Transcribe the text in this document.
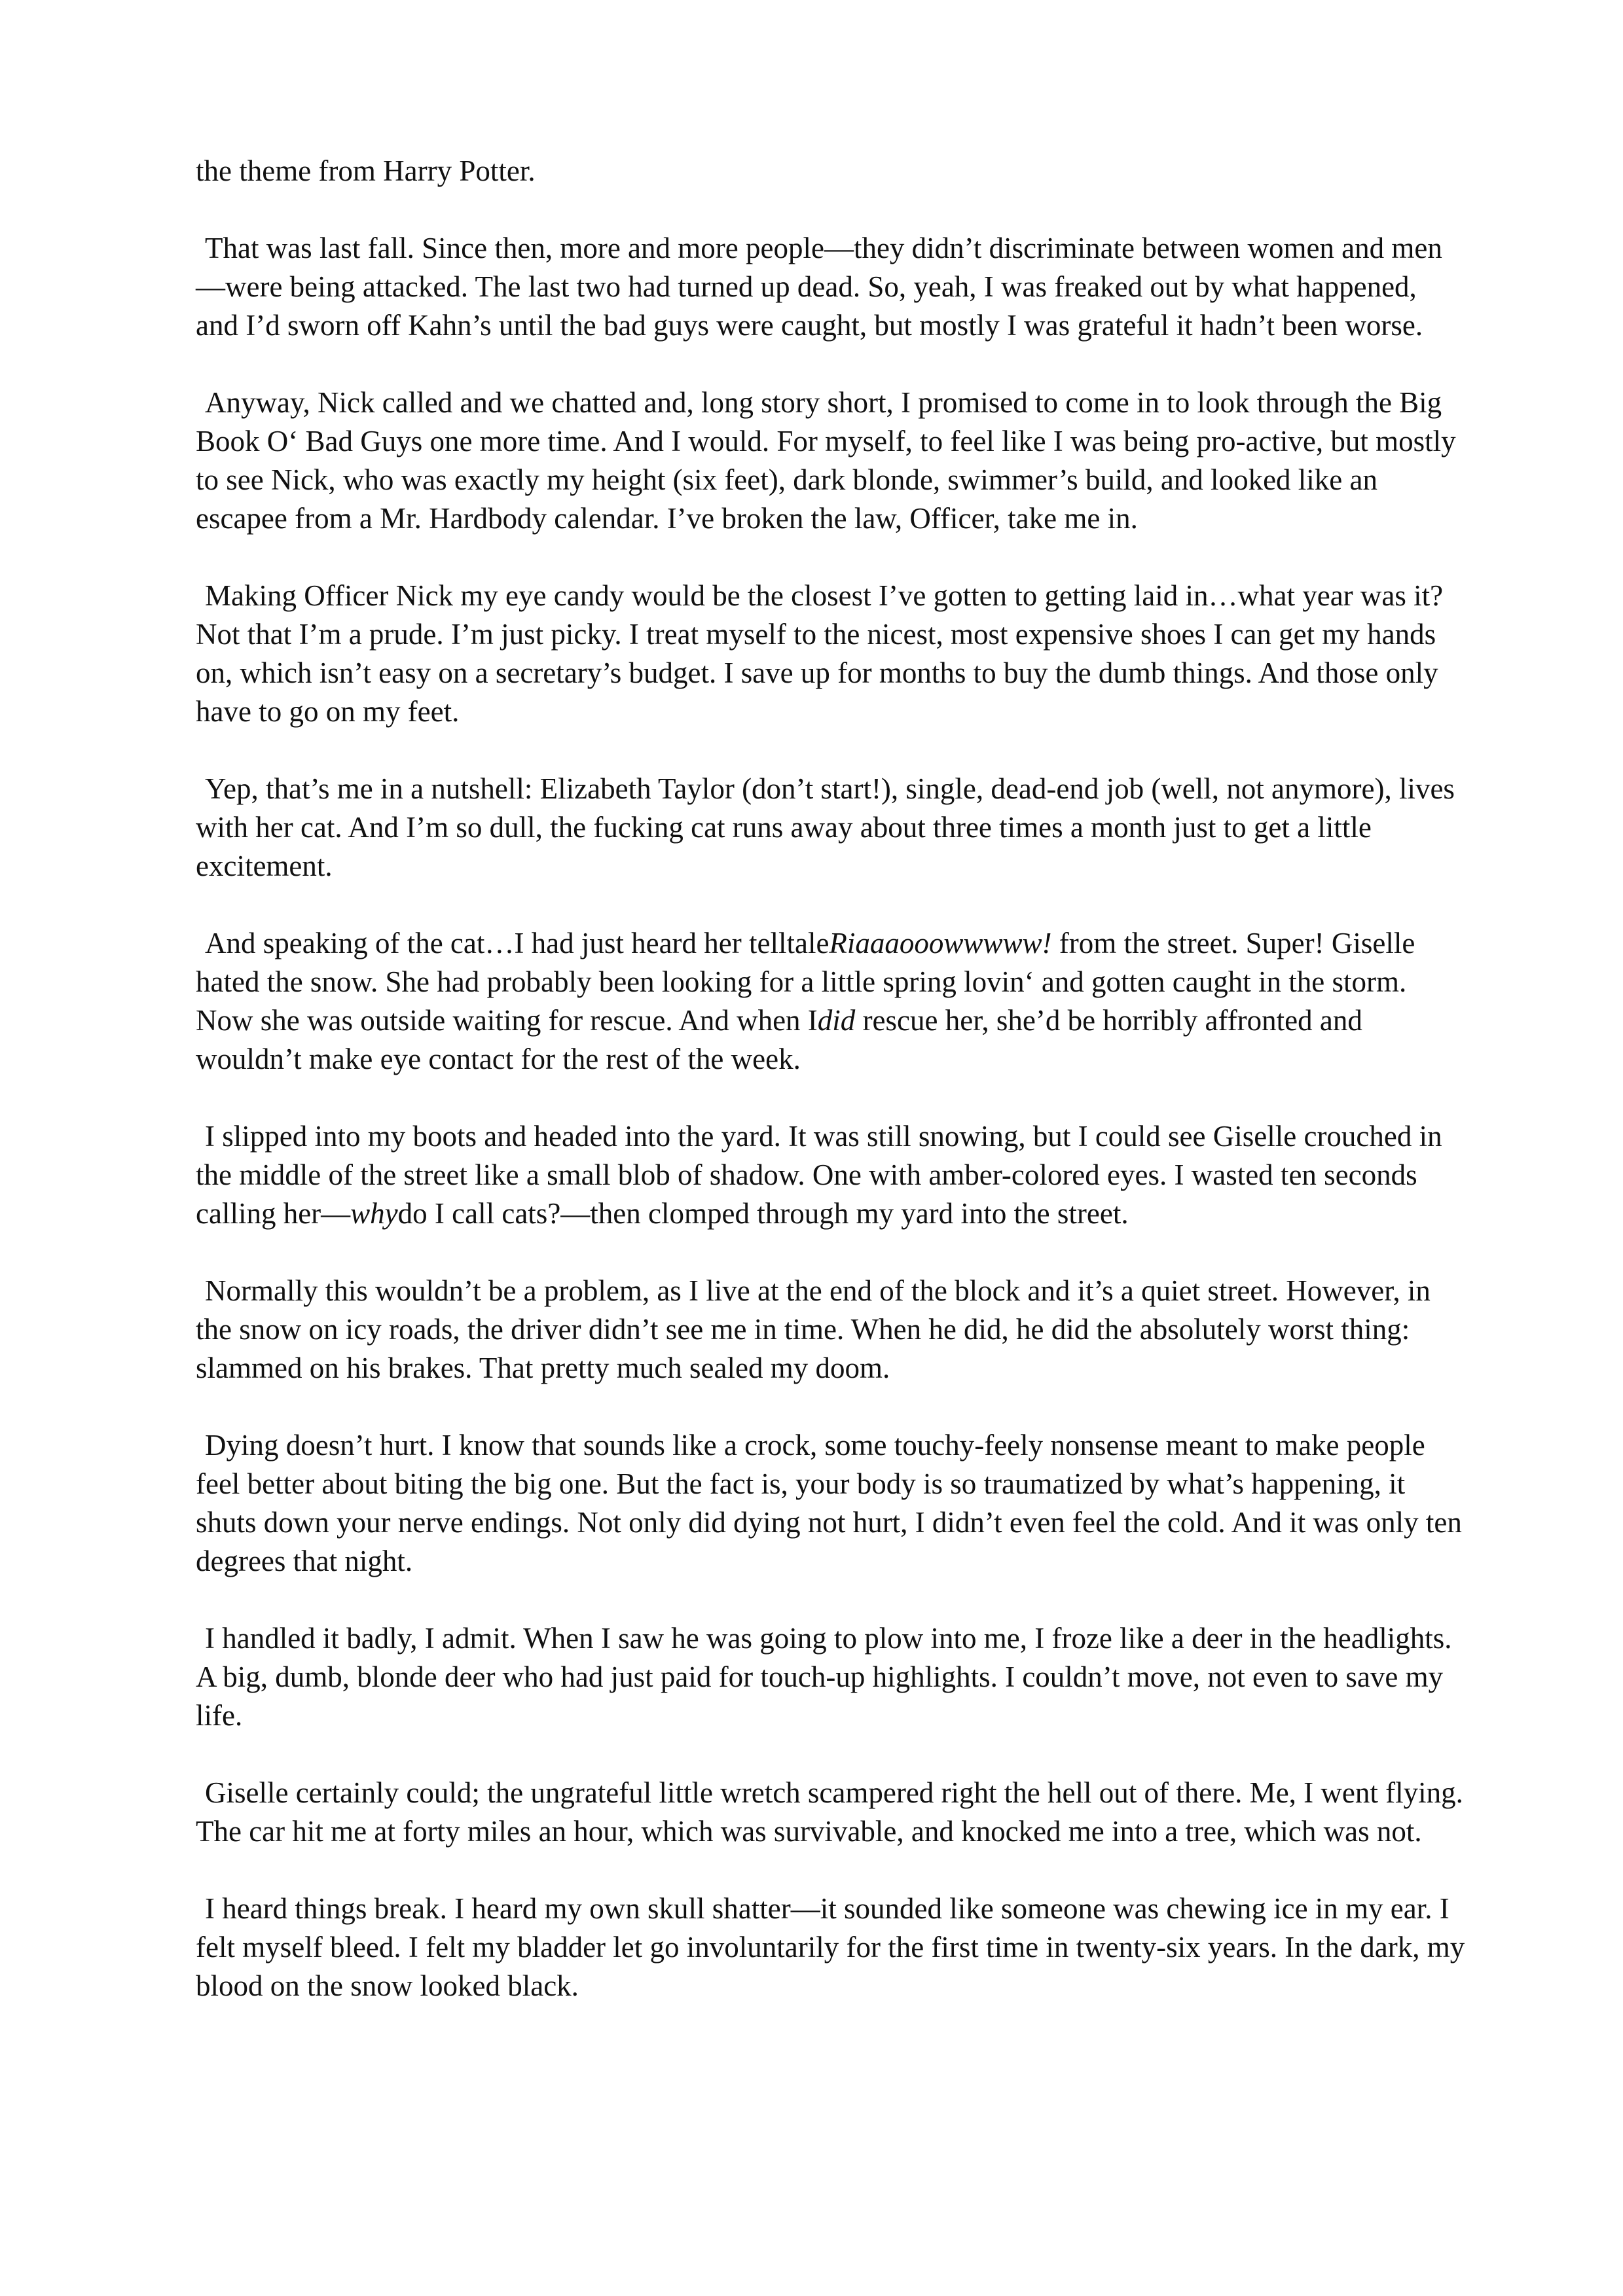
the theme from Harry Potter.

That was last fall. Since then, more and more people—they didn’t discriminate between women and men—were being attacked. The last two had turned up dead. So, yeah, I was freaked out by what happened, and I’d sworn off Kahn’s until the bad guys were caught, but mostly I was grateful it hadn’t been worse.

Anyway, Nick called and we chatted and, long story short, I promised to come in to look through the Big Book O‘ Bad Guys one more time. And I would. For myself, to feel like I was being pro-active, but mostly to see Nick, who was exactly my height (six feet), dark blonde, swimmer’s build, and looked like an escapee from a Mr. Hardbody calendar. I’ve broken the law, Officer, take me in.

Making Officer Nick my eye candy would be the closest I’ve gotten to getting laid in…what year was it? Not that I’m a prude. I’m just picky. I treat myself to the nicest, most expensive shoes I can get my hands on, which isn’t easy on a secretary’s budget. I save up for months to buy the dumb things. And those only have to go on my feet.

Yep, that’s me in a nutshell: Elizabeth Taylor (don’t start!), single, dead-end job (well, not anymore), lives with her cat. And I’m so dull, the fucking cat runs away about three times a month just to get a little excitement.

And speaking of the cat…I had just heard her telltaleRiaaaooowwwww! from the street. Super! Giselle hated the snow. She had probably been looking for a little spring lovin‘ and gotten caught in the storm. Now she was outside waiting for rescue. And when Idid rescue her, she’d be horribly affronted and wouldn’t make eye contact for the rest of the week.

I slipped into my boots and headed into the yard. It was still snowing, but I could see Giselle crouched in the middle of the street like a small blob of shadow. One with amber-colored eyes. I wasted ten seconds calling her—whydo I call cats?—then clomped through my yard into the street.

Normally this wouldn’t be a problem, as I live at the end of the block and it’s a quiet street. However, in the snow on icy roads, the driver didn’t see me in time. When he did, he did the absolutely worst thing: slammed on his brakes. That pretty much sealed my doom.

Dying doesn’t hurt. I know that sounds like a crock, some touchy-feely nonsense meant to make people feel better about biting the big one. But the fact is, your body is so traumatized by what’s happening, it shuts down your nerve endings. Not only did dying not hurt, I didn’t even feel the cold. And it was only ten degrees that night.

I handled it badly, I admit. When I saw he was going to plow into me, I froze like a deer in the headlights. A big, dumb, blonde deer who had just paid for touch-up highlights. I couldn’t move, not even to save my life.

Giselle certainly could; the ungrateful little wretch scampered right the hell out of there. Me, I went flying. The car hit me at forty miles an hour, which was survivable, and knocked me into a tree, which was not.

I heard things break. I heard my own skull shatter—it sounded like someone was chewing ice in my ear. I felt myself bleed. I felt my bladder let go involuntarily for the first time in twenty-six years. In the dark, my blood on the snow looked black.
